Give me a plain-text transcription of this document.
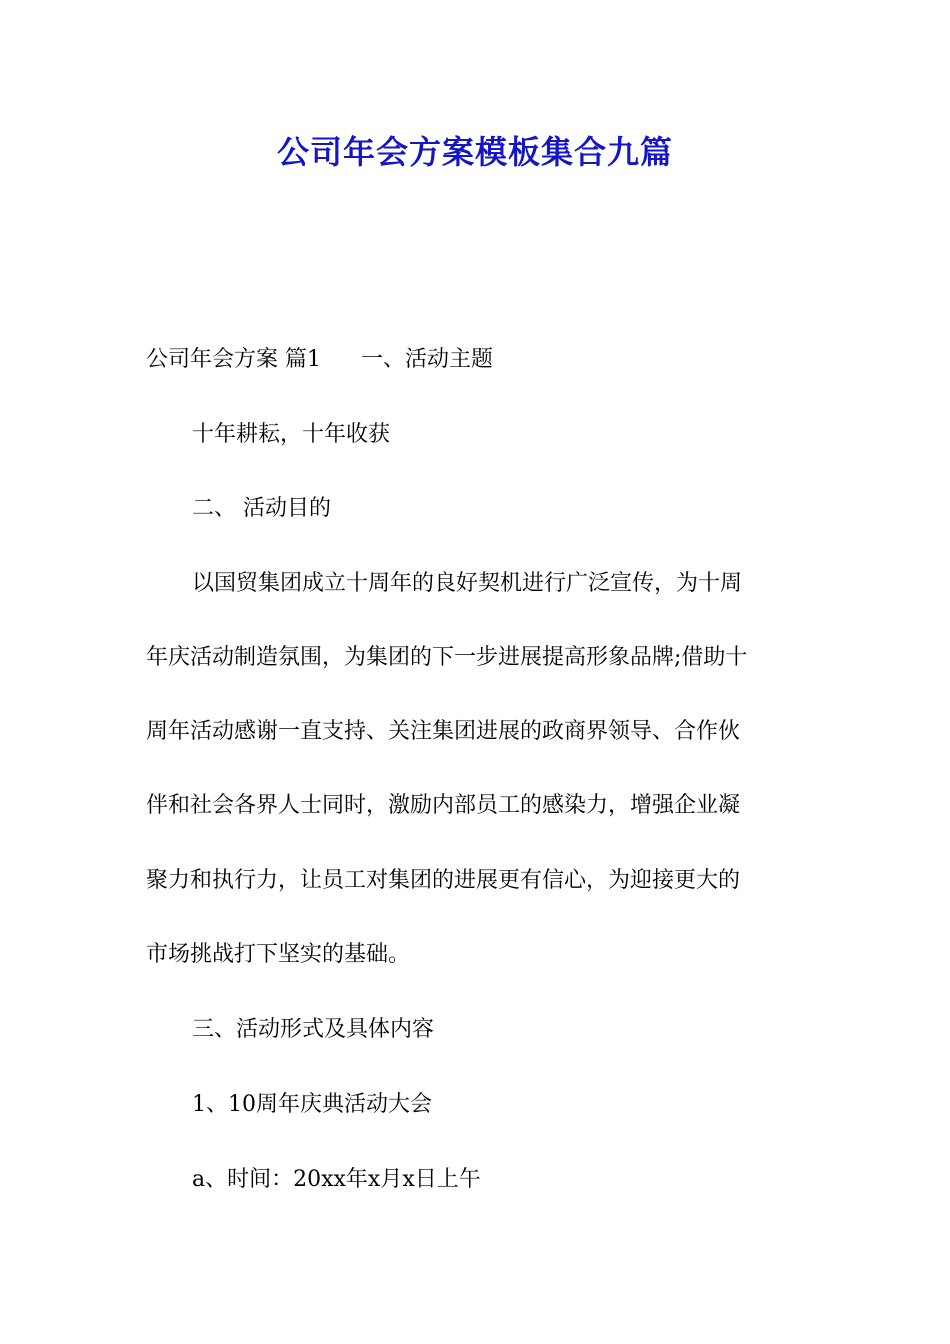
公司年会方案模板集合九篇
公司年会方案 篇1 一、活动主题
十年耕耘，十年收获
二、 活动目的
以国贸集团成立十周年的良好契机进行广泛宣传，为十周
年庆活动制造氛围，为集团的下一步进展提高形象品牌;借助十
周年活动感谢一直支持、关注集团进展的政商界领导、合作伙
伴和社会各界人士同时，激励内部员工的感染力，增强企业凝
聚力和执行力，让员工对集团的进展更有信心，为迎接更大的
市场挑战打下坚实的基础。
三、活动形式及具体内容
1、10周年庆典活动大会
a、时间：20xx年x月x日上午
